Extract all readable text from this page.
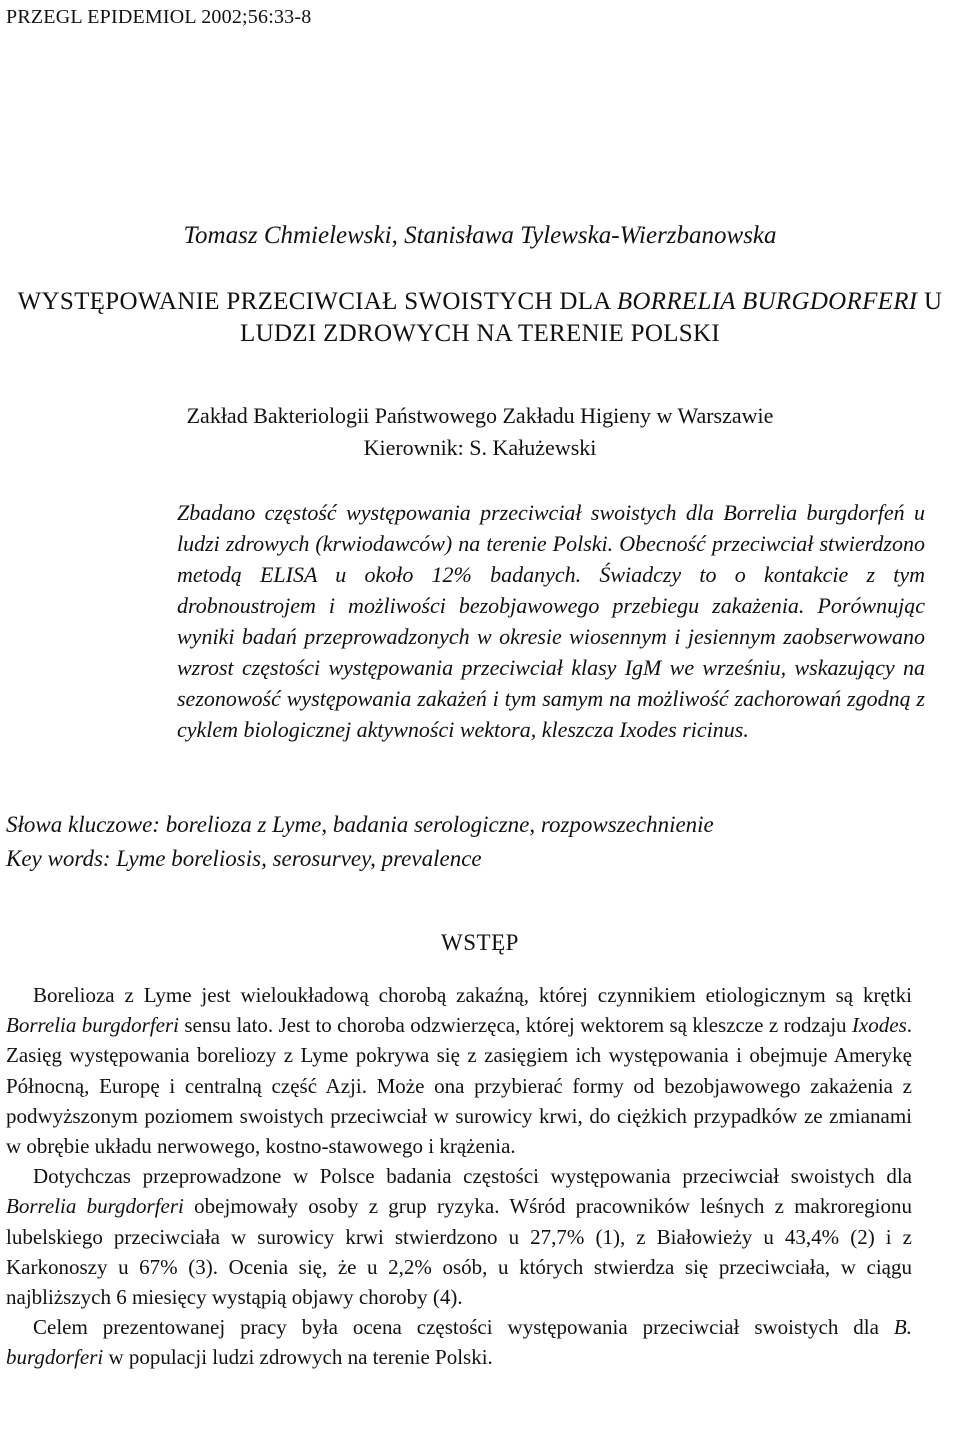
PRZEGL EPIDEMIOL 2002;56:33-8
Tomasz Chmielewski, Stanisława Tylewska-Wierzbanowska
WYSTĘPOWANIE PRZECIWCIAŁ SWOISTYCH DLA BORRELIA BURGDORFERI U LUDZI ZDROWYCH NA TERENIE POLSKI
Zakład Bakteriologii Państwowego Zakładu Higieny w Warszawie
Kierownik: S. Kałużewski

Zbadano częstość występowania przeciwciał swoistych dla Borrelia burgdorfeń u ludzi zdrowych (krwiodawców) na terenie Polski. Obecność przeciwciał stwierdzono metodą ELISA u około 12% badanych. Świadczy to o kontakcie z tym drobnoustrojem i możliwości bezobjawowego przebiegu zakażenia. Porównując wyniki badań przeprowadzonych w okresie wiosennym i jesiennym zaobserwowano wzrost częstości występowania przeciwciał klasy IgM we wrześniu, wskazujący na sezonowość występowania zakażeń i tym samym na możliwość zachorowań zgodną z cyklem biologicznej aktywności wektora, kleszcza Ixodes ricinus.

Słowa kluczowe: borelioza z Lyme, badania serologiczne, rozpowszechnienie
Key words: Lyme boreliosis, serosurvey, prevalence
WSTĘP

Borelioza z Lyme jest wieloukładową chorobą zakaźną, której czynnikiem etiologicznym są krętki Borrelia burgdorferi sensu lato. Jest to choroba odzwierzęca, której wektorem są kleszcze z rodzaju Ixodes. Zasięg występowania boreliozy z Lyme pokrywa się z zasięgiem ich występowania i obejmuje Amerykę Północną, Europę i centralną część Azji. Może ona przybierać formy od bezobjawowego zakażenia z podwyższonym poziomem swoistych przeciwciał w surowicy krwi, do ciężkich przypadków ze zmianami w obrębie układu nerwowego, kostno-stawowego i krążenia.

Dotychczas przeprowadzone w Polsce badania częstości występowania przeciwciał swoistych dla Borrelia burgdorferi obejmowały osoby z grup ryzyka. Wśród pracowników leśnych z makroregionu lubelskiego przeciwciała w surowicy krwi stwierdzono u 27,7% (1), z Białowieży u 43,4% (2) i z Karkonoszy u 67% (3). Ocenia się, że u 2,2% osób, u których stwierdza się przeciwciała, w ciągu najbliższych 6 miesięcy wystąpią objawy choroby (4).

Celem prezentowanej pracy była ocena częstości występowania przeciwciał swoistych dla B. burgdorferi w populacji ludzi zdrowych na terenie Polski.
